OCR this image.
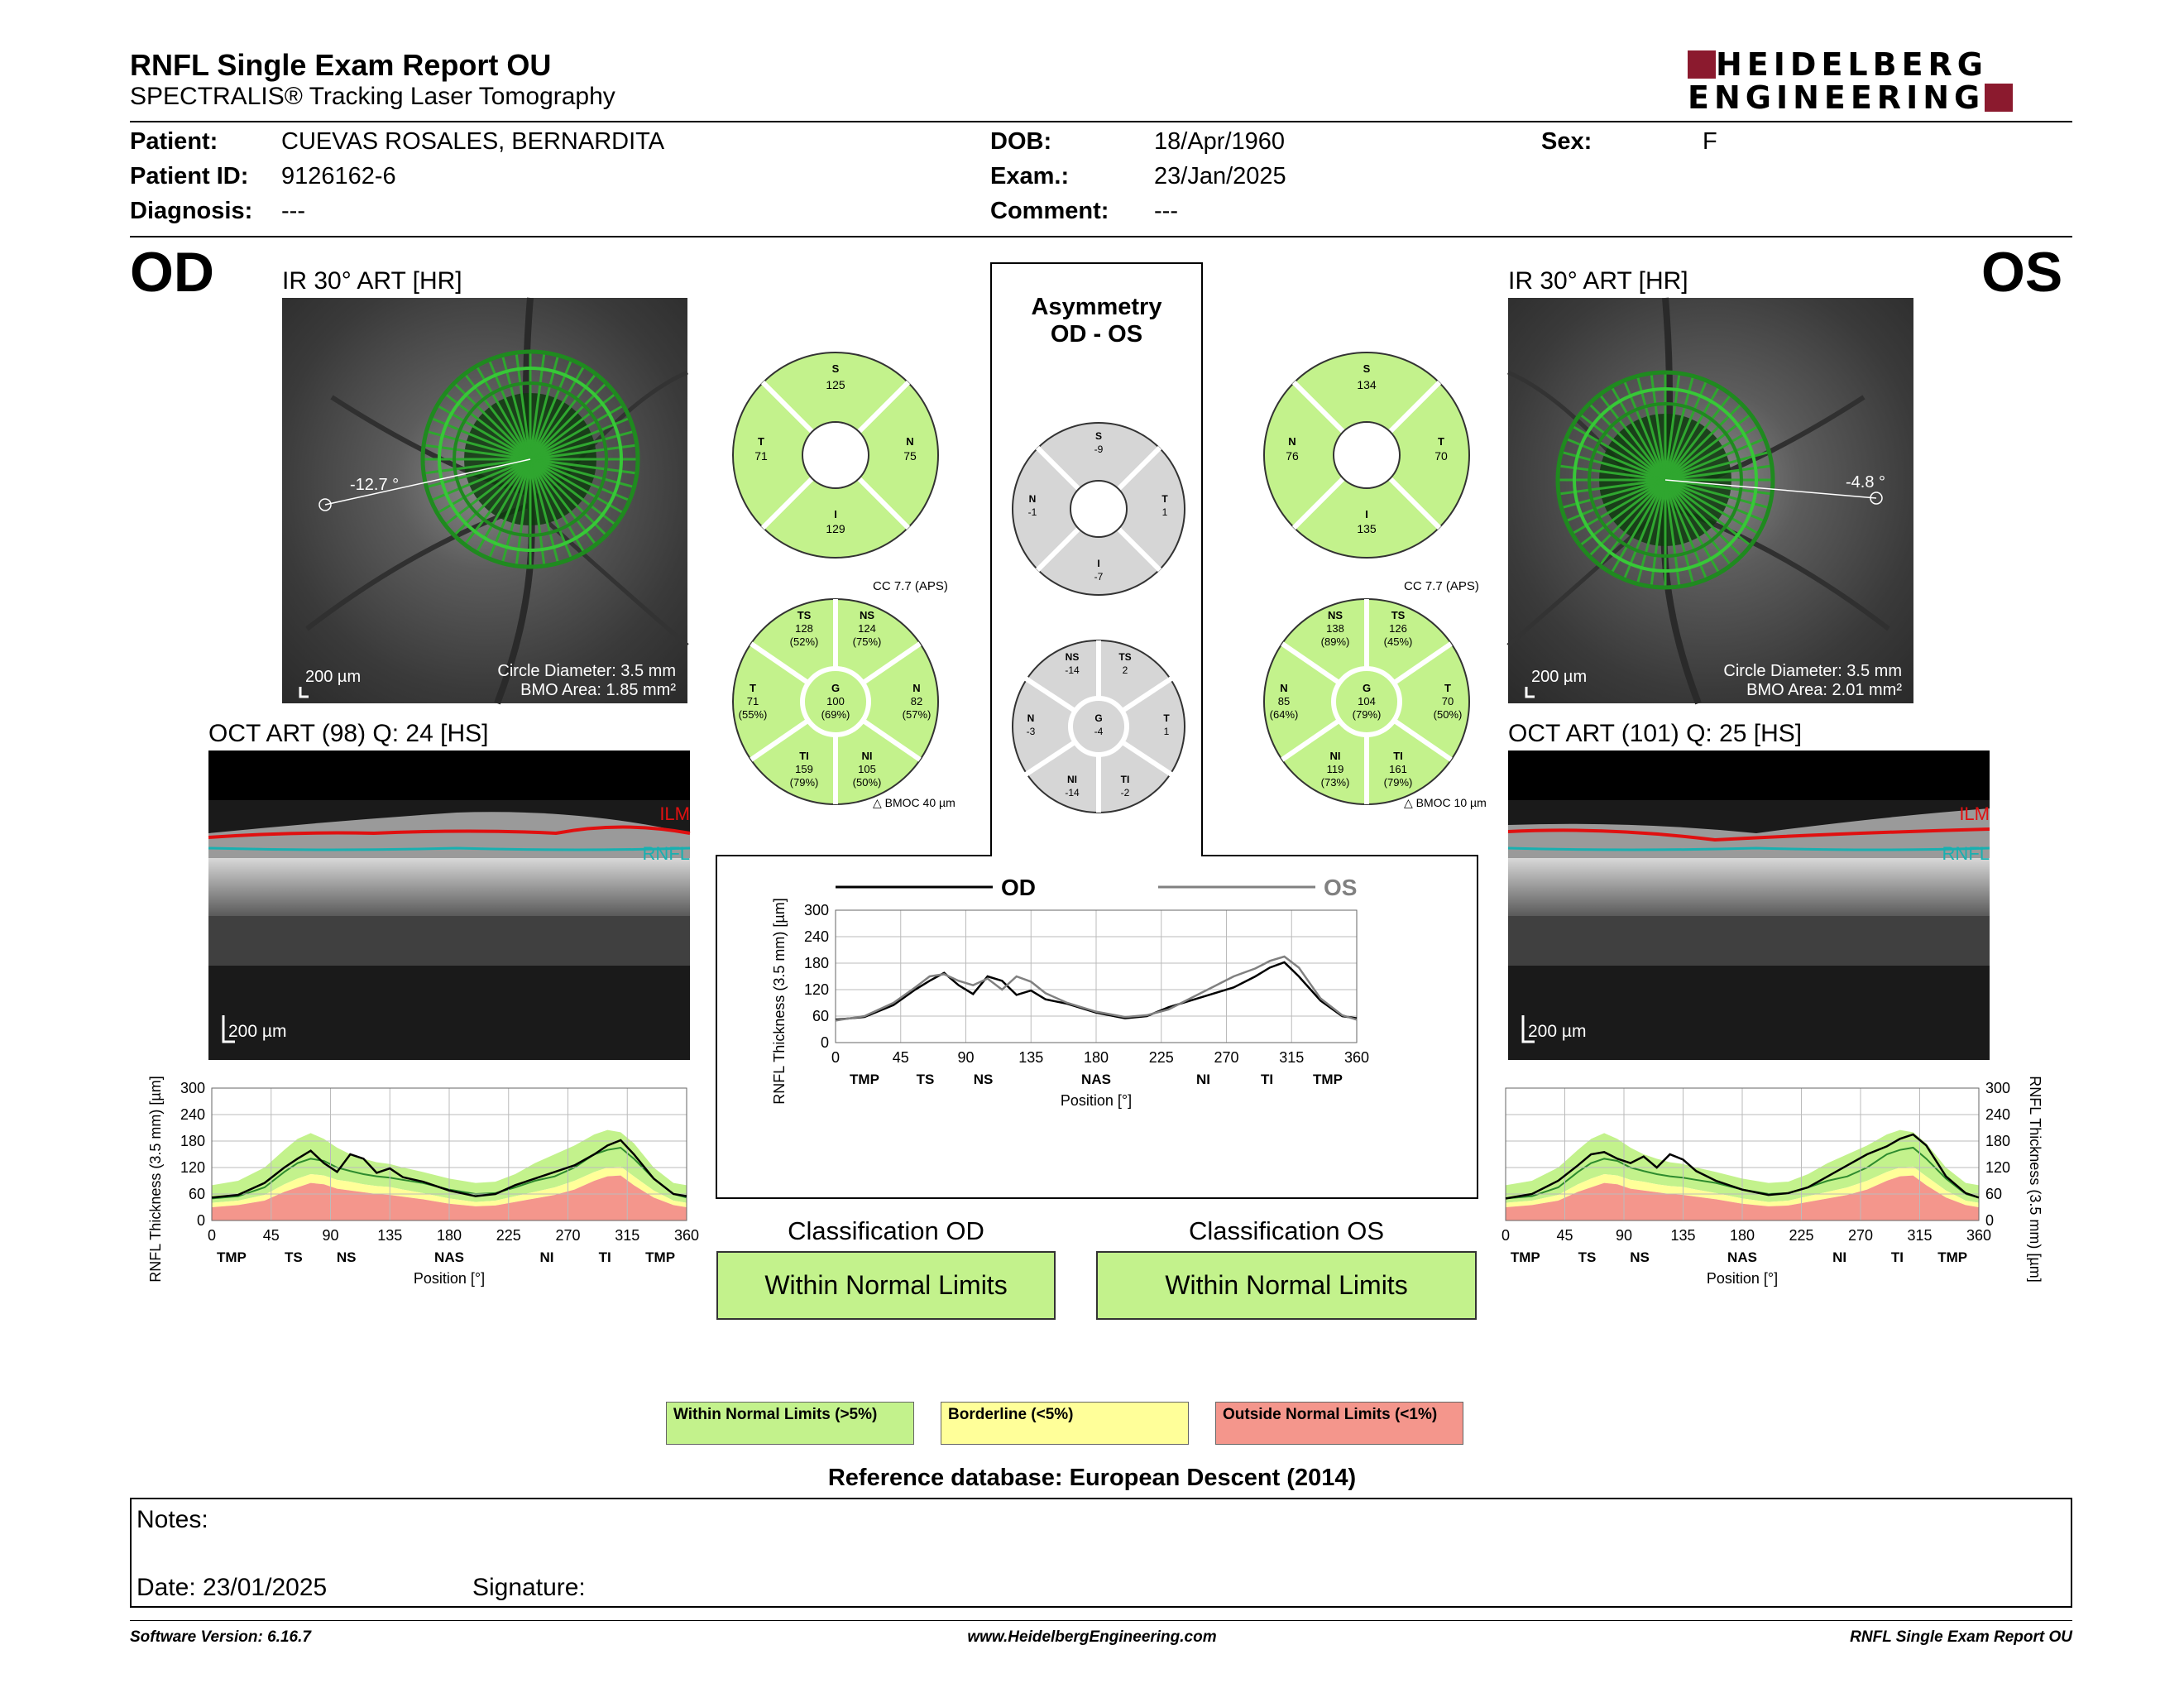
RNFL Single Exam Report OU
SPECTRALIS® Tracking Laser Tomography
HEIDELBERG
ENGINEERING
Patient:	CUEVAS ROSALES, BERNARDITA
Patient ID: 9126162-6
Diagnosis: ---
DOB:	18/Apr/1960
Exam.:	23/Jan/2025
Comment: ---
Sex:	F
OD	IR 30° ART [HR]
-12.7 °
200 µm	Circle Diameter: 3.5 mm
BMO Area: 1.85 mm²
OCT ART (98) Q: 24 [HS]
ILM
RNFL
200 µm
0
60
120
180
240
300
0	45	90	135 180 225 270 315 360
TMP	TS NS	NAS	NI	TI TMP
Position [°]
RNFL Thickness (3.5 mm) [µm]
OS
IR 30° ART [HR]
-4.8 °
200 µm	Circle Diameter: 3.5 mm
BMO Area: 2.01 mm²
OCT ART (101) Q: 25 [HS]
ILM
RNFL
200 µm
0
60
120
180
240
300
0	45	90	135 180 225 270 315 360
TMP	TS NS	NAS	NI	TI TMP
Position [°]	RNFL Thickness (3.5 mm) [µm]
S
125
T
71
N
75
I
129
S
134
N
76
T
70
I
135
CC 7.7 (APS)	CC 7.7 (APS)
TS
128
(52%)
NS
124
(75%)
T
71
(55%)
G
100
(69%)
N
82
(57%)
TI
159
(79%)
NI
105
(50%)
NS
138
(89%)
TS
126
(45%)
N
85
(64%)
G
104
(79%)
T
70
(50%)
NI
119
(73%)
TI
161
(79%)
△ BMOC 40 µm	△ BMOC 10 µm
Asymmetry
OD - OS
S
-9
N
-1
T
1
I
-7
NS
-14
TS
2
N
-3
G
-4
T
1
NI
-14
TI
-2
0
60
120
180
240
300
0	45	90	135	180	225	270	315	360
TMP	TS	NS	NAS	NI	TI	TMP
Position [°]
RNFL Thickness (3.5 mm) [µm]
OD	OS
Classification OD
Within Normal Limits
Classification OS
Within Normal Limits
Within Normal Limits (>5%)	Borderline (<5%)	Outside Normal Limits (<1%)
Reference database: European Descent (2014)
Notes:
Date: 23/01/2025	Signature:
Software Version: 6.16.7	www.HeidelbergEngineering.com	RNFL Single Exam Report OU
